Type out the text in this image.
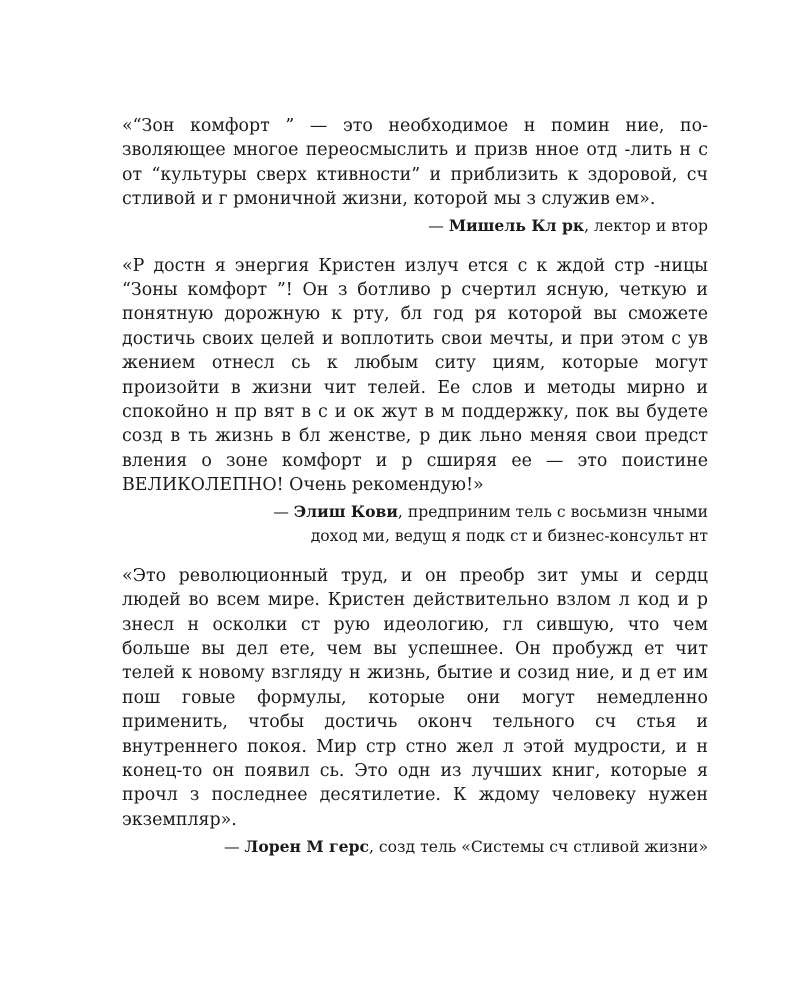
«“Зон комфорт ” — это необходимое н помин ние, позволяющее многое переосмыслить и призв нное отд -лить н с от “культуры сверх ктивности” и приблизить к здоровой, сч стливой и г рмоничной жизни, которой мы з служив ем».

— Мишель Кл рк, лектор и втор

«Р достн я энергия Кристен излуч ется с к ждой стр -ницы “Зоны комфорт ”! Он з ботливо р счертил ясную, четкую и понятную дорожную к рту, бл год ря которой вы сможете достичь своих целей и воплотить свои мечты, и при этом с ув жением отнесл сь к любым ситу циям, которые могут произойти в жизни чит телей. Ее слов и методы мирно и спокойно н пр вят в с и ок жут в м поддержку, пок вы будете созд в ть жизнь в бл женстве, р дик льно меняя свои предст вления о зоне комфорт и р сширяя ее — это поистине ВЕЛИКОЛЕПНО! Очень рекомендую!»

— Элиш Кови, предприним тель с восьмизн чными
доход ми, ведущ я подк ст и бизнес-консульт нт

«Это революционный труд, и он преобр зит умы и сердц людей во всем мире. Кристен действительно взлом л код и р знесл н осколки ст рую идеологию, гл сившую, что чем больше вы дел ете, чем вы успешнее. Он пробужд ет чит телей к новому взгляду н жизнь, бытие и созид ние, и д ет им пош говые формулы, которые они могут немедленно применить, чтобы достичь оконч тельного сч стья и внутреннего покоя. Мир стр стно жел л этой мудрости, и н конец-то он появил сь. Это одн из лучших книг, которые я прочл з последнее десятилетие. К ждому человеку нужен экземпляр».

— Лорен М герс, созд тель «Системы сч стливой жизни»
